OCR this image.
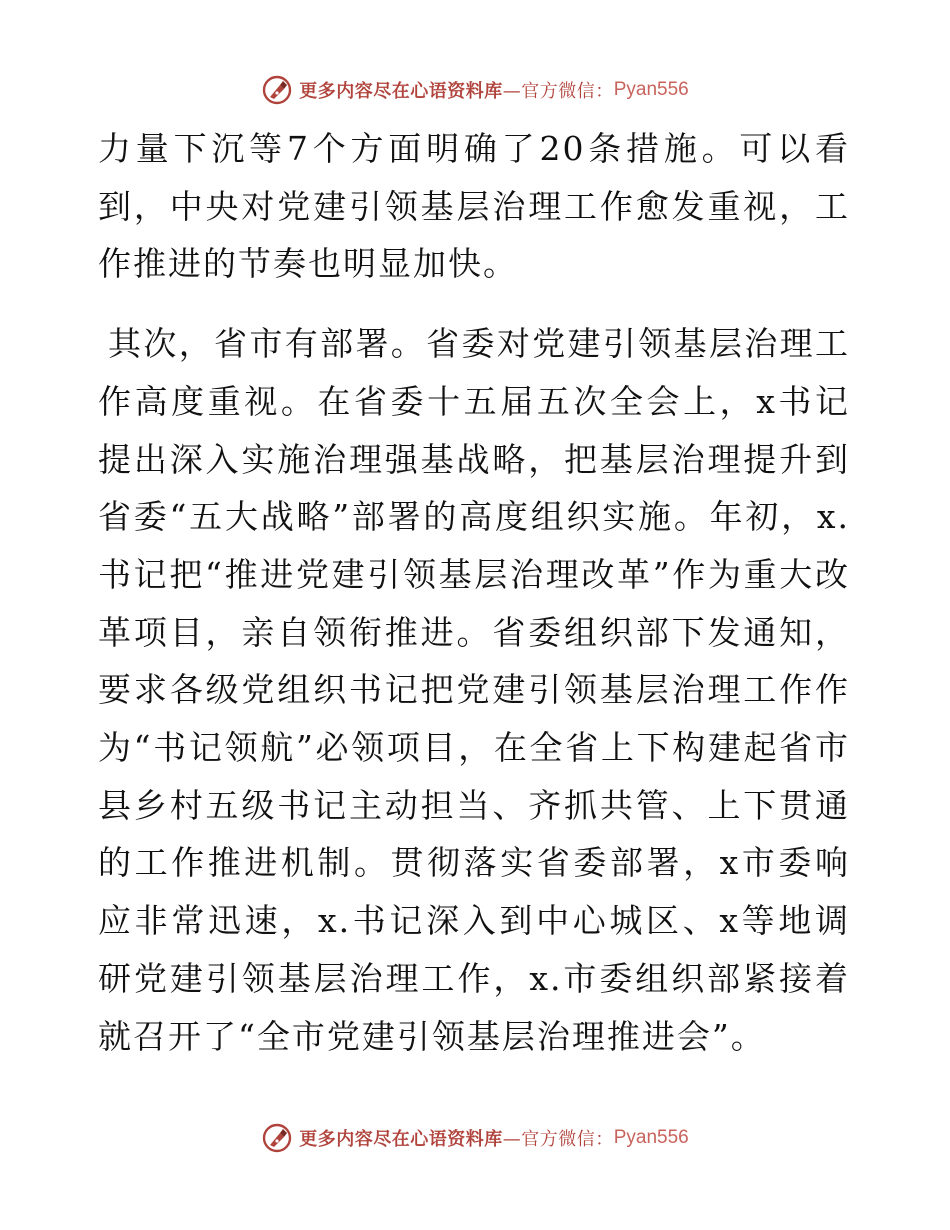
更多内容尽在心语资料库 —官方微信： Pyan556

力量下沉等7个方面明确了20条措施。可以看到，中央对党建引领基层治理工作愈发重视，工作推进的节奏也明显加快。

其次，省市有部署。省委对党建引领基层治理工作高度重视。在省委十五届五次全会上，x书记提出深入实施治理强基战略，把基层治理提升到省委“五大战略”部署的高度组织实施。年初，x.书记把“推进党建引领基层治理改革”作为重大改革项目，亲自领衔推进。省委组织部下发通知，要求各级党组织书记把党建引领基层治理工作作为“书记领航”必领项目，在全省上下构建起省市县乡村五级书记主动担当、齐抓共管、上下贯通的工作推进机制。贯彻落实省委部署，x市委响应非常迅速，x.书记深入到中心城区、x等地调研党建引领基层治理工作，x.市委组织部紧接着就召开了“全市党建引领基层治理推进会”。

更多内容尽在心语资料库 —官方微信： Pyan556
